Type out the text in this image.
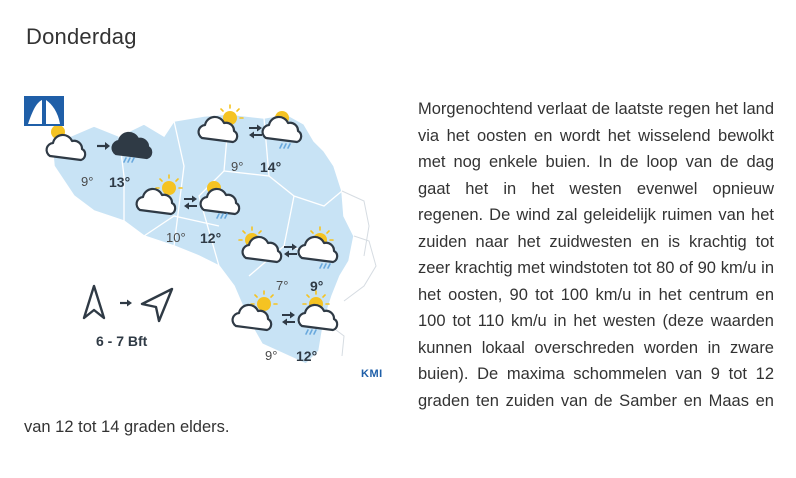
Donderdag

Morgenochtend verlaat de laatste regen het land via het oosten en wordt het wisselend bewolkt met nog enkele buien. In de loop van de dag gaat het in het westen evenwel opnieuw regenen. De wind zal geleidelijk ruimen van het zuiden naar het zuidwesten en is krachtig tot zeer krachtig met windstoten tot 80 of 90 km/u in het oosten, 90 tot 100 km/u in het centrum en 100 tot 110 km/u in het westen (deze waarden kunnen lokaal overschreden worden in zware buien). De maxima schommelen van 9 tot 12 graden ten zuiden van de Samber en Maas en van 12 tot 14 graden elders.

9° 13°
9° 14°
10° 12°
7° 9°
9° 12°
6 - 7 Bft
KMI
